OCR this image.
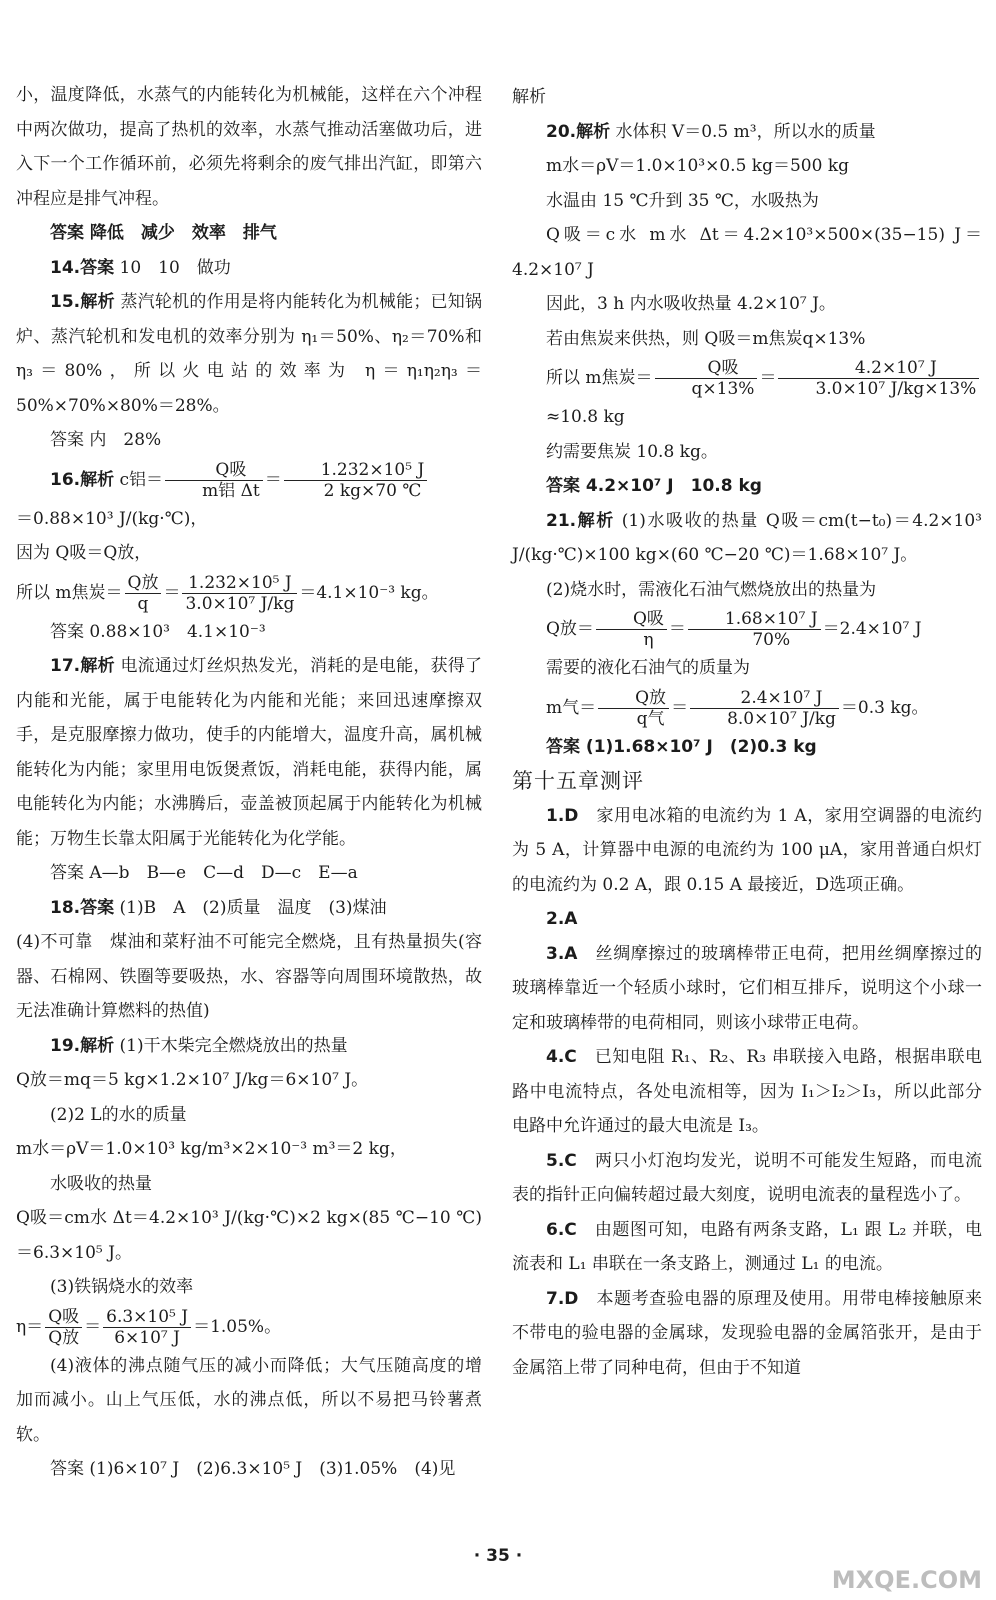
小，温度降低，水蒸气的内能转化为机械能，这样在六个冲程中两次做功，提高了热机的效率，水蒸气推动活塞做功后，进入下一个工作循环前，必须先将剩余的废气排出汽缸，即第六冲程应是排气冲程。

答案 降低　减少　效率　排气

14.答案 10　10　做功

15.解析 蒸汽轮机的作用是将内能转化为机械能；已知锅炉、蒸汽轮机和发电机的效率分别为 η₁＝50%、η₂＝70%和 η₃＝80%，所以火电站的效率为 η＝η₁η₂η₃＝50%×70%×80%＝28%。

答案 内　28%

16.解析 c铝＝	Q吸
m铝 Δt
＝ $\frac{\text{1.232×10⁵ J}}{2 kg\times 70 ℃}$

＝0.88×10³ J/(kg·℃)，

因为 Q吸＝Q放，

所以 m焦炭＝ Q放
q
＝ $\frac{\text{1.232×10⁵ J}}{\text{3.0×10⁷ J/kg}} =4.1\times 10^{-3}$ kg。

答案 0.88×10³　4.1×10⁻³

17.解析 电流通过灯丝炽热发光，消耗的是电能，获得了内能和光能，属于电能转化为内能和光能；来回迅速摩擦双手，是克服摩擦力做功，使手的内能增大，温度升高，属机械能转化为内能；家里用电饭煲煮饭，消耗电能，获得内能，属电能转化为内能；水沸腾后，壶盖被顶起属于内能转化为机械能；万物生长靠太阳属于光能转化为化学能。

答案 A—b　B—e　C—d　D—c　E—a

18.答案 (1)B　A　(2)质量　温度　(3)煤油

(4)不可靠　煤油和菜籽油不可能完全燃烧，且有热量损失(容器、石棉网、铁圈等要吸热，水、容器等向周围环境散热，故无法准确计算燃料的热值)

19.解析 (1)干木柴完全燃烧放出的热量

Q放＝mq＝5 kg×1.2×10⁷ J/kg＝6×10⁷ J。

(2)2 L的水的质量

m水＝ρV＝1.0×10³ kg/m³×2×10⁻³ m³＝2 kg，

水吸收的热量

Q吸＝cm水 Δt＝4.2×10³ J/(kg·℃)×2 kg×(85 ℃−10 ℃)＝6.3×10⁵ J。

(3)铁锅烧水的效率

η＝ Q吸
Q放
＝ $\frac{\text{6.3×10⁵ J}}{\text{6×10⁷ J}} =1.05\%$。

(4)液体的沸点随气压的减小而降低；大气压随高度的增加而减小。山上气压低，水的沸点低，所以不易把马铃薯煮软。

答案 (1)6×10⁷ J　(2)6.3×10⁵ J　(3)1.05%　(4)见

解析

20.解析 水体积 V＝0.5 m³，所以水的质量

m水＝ρV＝1.0×10³×0.5 kg＝500 kg

水温由 15 ℃升到 35 ℃，水吸热为

Q吸＝c水 m水 Δt＝4.2×10³×500×(35−15) J＝4.2×10⁷ J

因此，3 h 内水吸收热量 4.2×10⁷ J。

若由焦炭来供热，则 Q吸＝m焦炭q×13%

所以 m焦炭＝	Q吸
q×13%
＝ $\frac{\text{4.2×10⁷ J}}{\text{3.0×10⁷ J/kg×13\%}}$

≈10.8 kg

约需要焦炭 10.8 kg。

答案 4.2×10⁷ J　10.8 kg

21.解析 (1)水吸收的热量 Q吸＝cm(t−t₀)＝4.2×10³ J/(kg·℃)×100 kg×(60 ℃−20 ℃)＝1.68×10⁷ J。

(2)烧水时，需液化石油气燃烧放出的热量为

Q放＝	Q吸
η
＝ $\frac{\text{1.68×10⁷ J}}{70\%} =2.4\times 10^7$ J

需要的液化石油气的质量为

m气＝	Q放
q气
＝ $\frac{\text{2.4×10⁷ J}}{\text{8.0×10⁷ J/kg}} =0.3$ kg。

答案 (1)1.68×10⁷ J　(2)0.3 kg

第十五章测评

1.D　家用电冰箱的电流约为 1 A，家用空调器的电流约为 5 A，计算器中电源的电流约为 100 μA，家用普通白炽灯的电流约为 0.2 A，跟 0.15 A 最接近，D选项正确。

2.A

3.A　丝绸摩擦过的玻璃棒带正电荷，把用丝绸摩擦过的玻璃棒靠近一个轻质小球时，它们相互排斥，说明这个小球一定和玻璃棒带的电荷相同，则该小球带正电荷。

4.C　已知电阻 R₁、R₂、R₃ 串联接入电路，根据串联电路中电流特点，各处电流相等，因为 I₁＞I₂＞I₃，所以此部分电路中允许通过的最大电流是 I₃。

5.C　两只小灯泡均发光，说明不可能发生短路，而电流表的指针正向偏转超过最大刻度，说明电流表的量程选小了。

6.C　由题图可知，电路有两条支路，L₁ 跟 L₂ 并联，电流表和 L₁ 串联在一条支路上，测通过 L₁ 的电流。

7.D　本题考查验电器的原理及使用。用带电棒接触原来不带电的验电器的金属球，发现验电器的金属箔张开，是由于金属箔上带了同种电荷，但由于不知道

· 35 ·
MXQE.COM
